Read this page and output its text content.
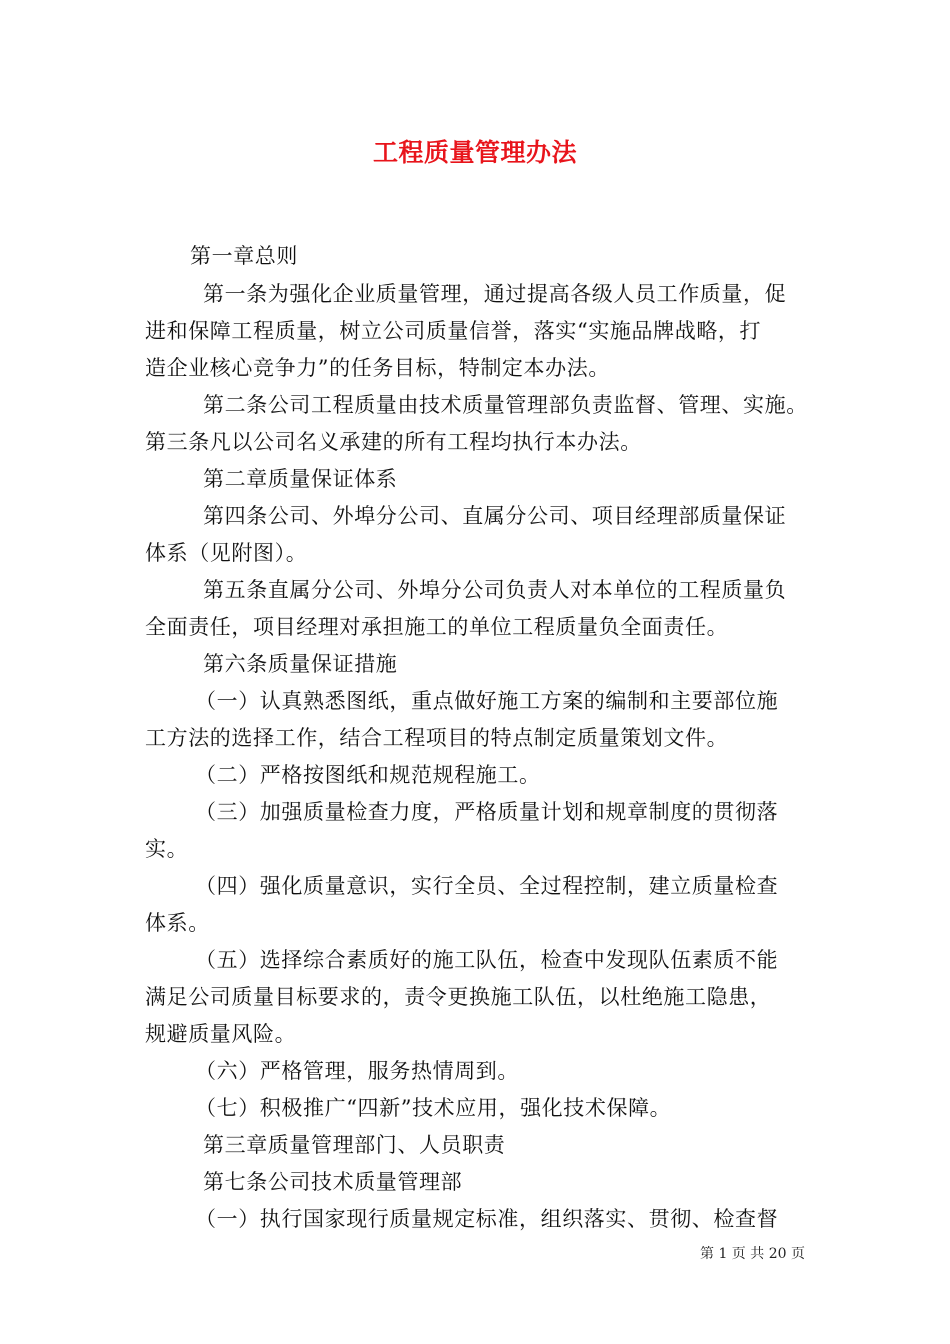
工程质量管理办法
第一章总则
第一条为强化企业质量管理，通过提高各级人员工作质量，促
进和保障工程质量，树立公司质量信誉，落实“实施品牌战略，打
造企业核心竞争力”的任务目标，特制定本办法。
第二条公司工程质量由技术质量管理部负责监督、管理、实施。
第三条凡以公司名义承建的所有工程均执行本办法。
第二章质量保证体系
第四条公司、外埠分公司、直属分公司、项目经理部质量保证
体系（见附图）。
第五条直属分公司、外埠分公司负责人对本单位的工程质量负
全面责任，项目经理对承担施工的单位工程质量负全面责任。
第六条质量保证措施
（一）认真熟悉图纸，重点做好施工方案的编制和主要部位施
工方法的选择工作，结合工程项目的特点制定质量策划文件。
（二）严格按图纸和规范规程施工。
（三）加强质量检查力度，严格质量计划和规章制度的贯彻落
实。
（四）强化质量意识，实行全员、全过程控制，建立质量检查
体系。
（五）选择综合素质好的施工队伍，检查中发现队伍素质不能
满足公司质量目标要求的，责令更换施工队伍，以杜绝施工隐患，
规避质量风险。
（六）严格管理，服务热情周到。
（七）积极推广“四新”技术应用，强化技术保障。
第三章质量管理部门、人员职责
第七条公司技术质量管理部
（一）执行国家现行质量规定标准，组织落实、贯彻、检查督
第 1 页 共 20 页
